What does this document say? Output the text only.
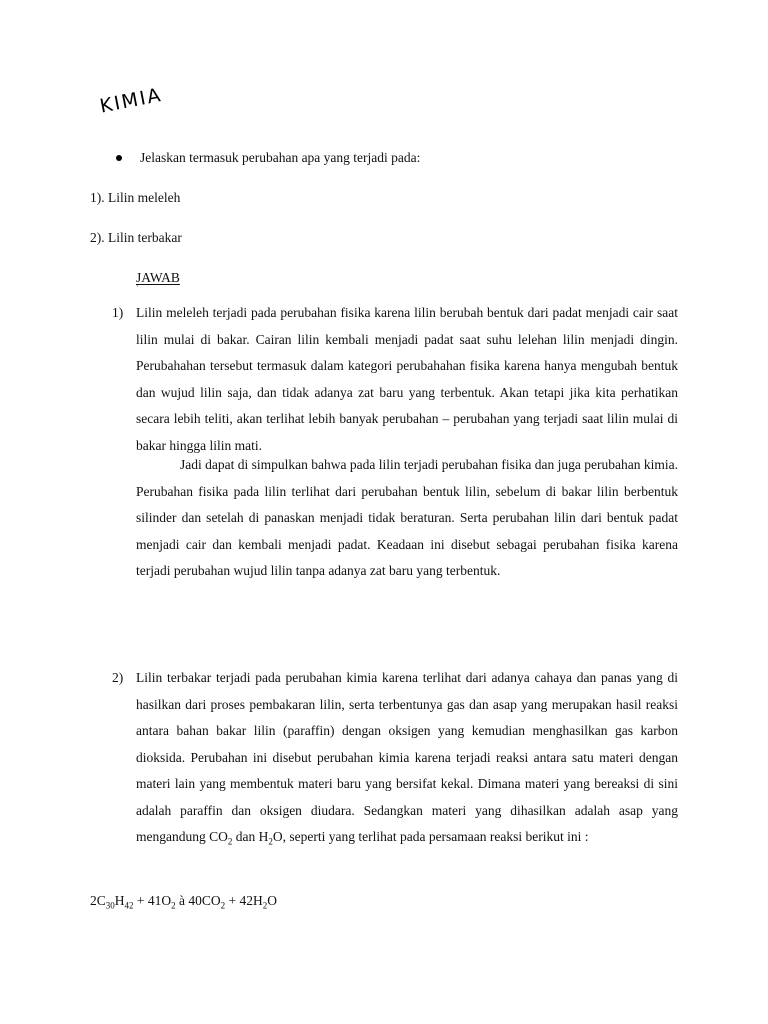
KIMIA
Jelaskan termasuk perubahan apa yang terjadi pada:
1). Lilin meleleh
2). Lilin terbakar
JAWAB
`
1) Lilin meleleh terjadi pada perubahan fisika karena lilin berubah bentuk dari padat menjadi cair saat lilin mulai di bakar. Cairan lilin kembali menjadi padat saat suhu lelehan lilin menjadi dingin. Perubahahan tersebut termasuk dalam kategori perubahahan fisika karena hanya mengubah bentuk dan wujud lilin saja, dan tidak adanya zat baru yang terbentuk. Akan tetapi jika kita perhatikan secara lebih teliti, akan terlihat lebih banyak perubahan – perubahan yang terjadi saat lilin mulai di bakar hingga lilin mati.
Jadi dapat di simpulkan bahwa pada lilin terjadi perubahan fisika dan juga perubahan kimia. Perubahan fisika pada lilin terlihat dari perubahan bentuk lilin, sebelum di bakar lilin berbentuk silinder dan setelah di panaskan menjadi tidak beraturan. Serta perubahan lilin dari bentuk padat menjadi cair dan kembali menjadi padat. Keadaan ini disebut sebagai perubahan fisika karena terjadi perubahan wujud lilin tanpa adanya zat baru yang terbentuk.
2) Lilin terbakar terjadi pada perubahan kimia karena terlihat dari adanya cahaya dan panas yang di hasilkan dari proses pembakaran lilin, serta terbentunya gas dan asap yang merupakan hasil reaksi antara bahan bakar lilin (paraffin) dengan oksigen yang kemudian menghasilkan gas karbon dioksida. Perubahan ini disebut perubahan kimia karena terjadi reaksi antara satu materi dengan materi lain yang membentuk materi baru yang bersifat kekal. Dimana materi yang bereaksi di sini adalah paraffin dan oksigen diudara. Sedangkan materi yang dihasilkan adalah asap yang mengandung $CO_2$ dan $H_2O$, seperti yang terlihat pada persamaan reaksi berikut ini :
$2C_{30}H_{42} + 41O_2$ à $40CO_2 + 42H_2O$
